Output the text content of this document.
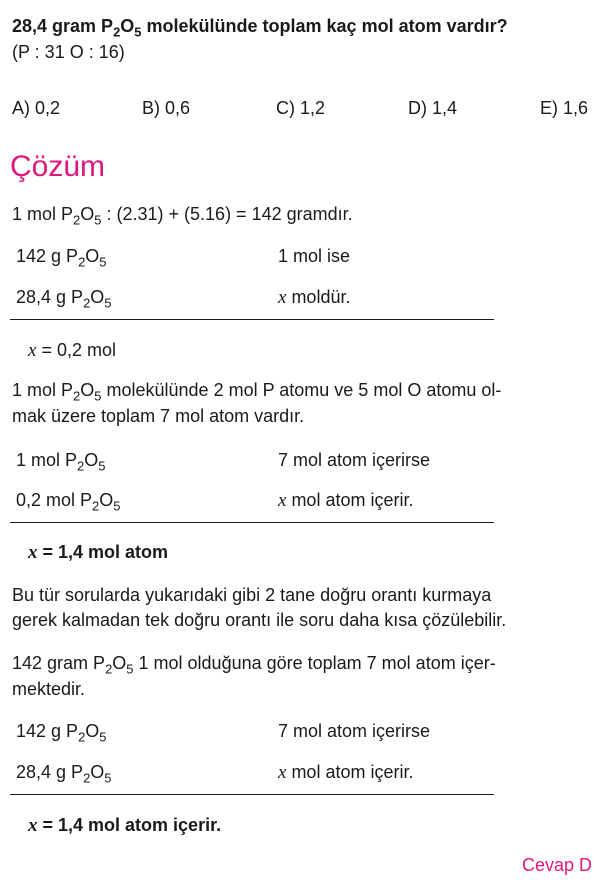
28,4 gram $P_2O_5$ molekülünde toplam kaç mol atom vardır?
(P : 31 O : 16)
A) 0,2	B) 0,6	C) 1,2	D) 1,4	E) 1,6
Çözüm
1 mol $P_2O_5$ : (2.31) + (5.16) = 142 gramdır.
142 g $P_2O_5$	1 mol ise
28,4 g $P_2O_5$	x moldür.
x = 0,2 mol
1 mol $P_2O_5$ molekülünde 2 mol P atomu ve 5 mol O atomu ol-
mak üzere toplam 7 mol atom vardır.
1 mol $P_2O_5$	7 mol atom içerirse
0,2 mol $P_2O_5$	x mol atom içerir.
x = 1,4 mol atom
Bu tür sorularda yukarıdaki gibi 2 tane doğru orantı kurmaya
gerek kalmadan tek doğru orantı ile soru daha kısa çözülebilir.
142 gram $P_2O_5$ 1 mol olduğuna göre toplam 7 mol atom içer-
mektedir.
142 g $P_2O_5$	7 mol atom içerirse
28,4 g $P_2O_5$	x mol atom içerir.
x = 1,4 mol atom içerir.
Cevap D
